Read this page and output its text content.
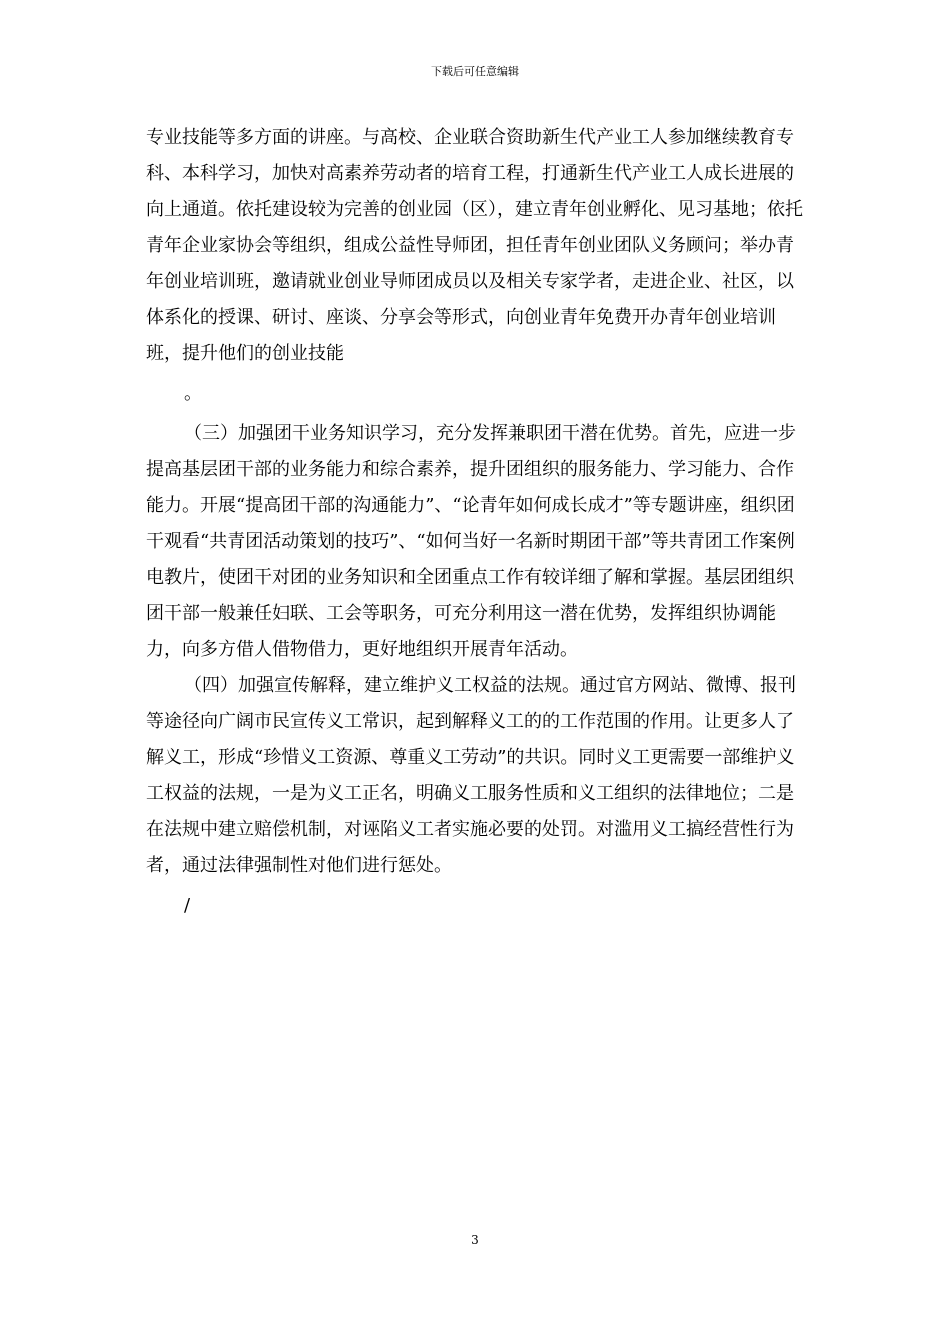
下载后可任意编辑

专业技能等多方面的讲座。与高校、企业联合资助新生代产业工人参加继续教育专科、本科学习，加快对高素养劳动者的培育工程，打通新生代产业工人成长进展的向上通道。依托建设较为完善的创业园（区），建立青年创业孵化、见习基地；依托青年企业家协会等组织，组成公益性导师团，担任青年创业团队义务顾问；举办青年创业培训班，邀请就业创业导师团成员以及相关专家学者，走进企业、社区，以体系化的授课、研讨、座谈、分享会等形式，向创业青年免费开办青年创业培训班，提升他们的创业技能

。

（三）加强团干业务知识学习，充分发挥兼职团干潜在优势。首先，应进一步提高基层团干部的业务能力和综合素养，提升团组织的服务能力、学习能力、合作能力。开展“提高团干部的沟通能力”、“论青年如何成长成才”等专题讲座，组织团干观看“共青团活动策划的技巧”、“如何当好一名新时期团干部”等共青团工作案例电教片，使团干对团的业务知识和全团重点工作有较详细了解和掌握。基层团组织团干部一般兼任妇联、工会等职务，可充分利用这一潜在优势，发挥组织协调能力，向多方借人借物借力，更好地组织开展青年活动。

（四）加强宣传解释，建立维护义工权益的法规。通过官方网站、微博、报刊等途径向广阔市民宣传义工常识，起到解释义工的的工作范围的作用。让更多人了解义工，形成“珍惜义工资源、尊重义工劳动”的共识。同时义工更需要一部维护义工权益的法规，一是为义工正名，明确义工服务性质和义工组织的法律地位；二是在法规中建立赔偿机制，对诬陷义工者实施必要的处罚。对滥用义工搞经营性行为者，通过法律强制性对他们进行惩处。

/

3
